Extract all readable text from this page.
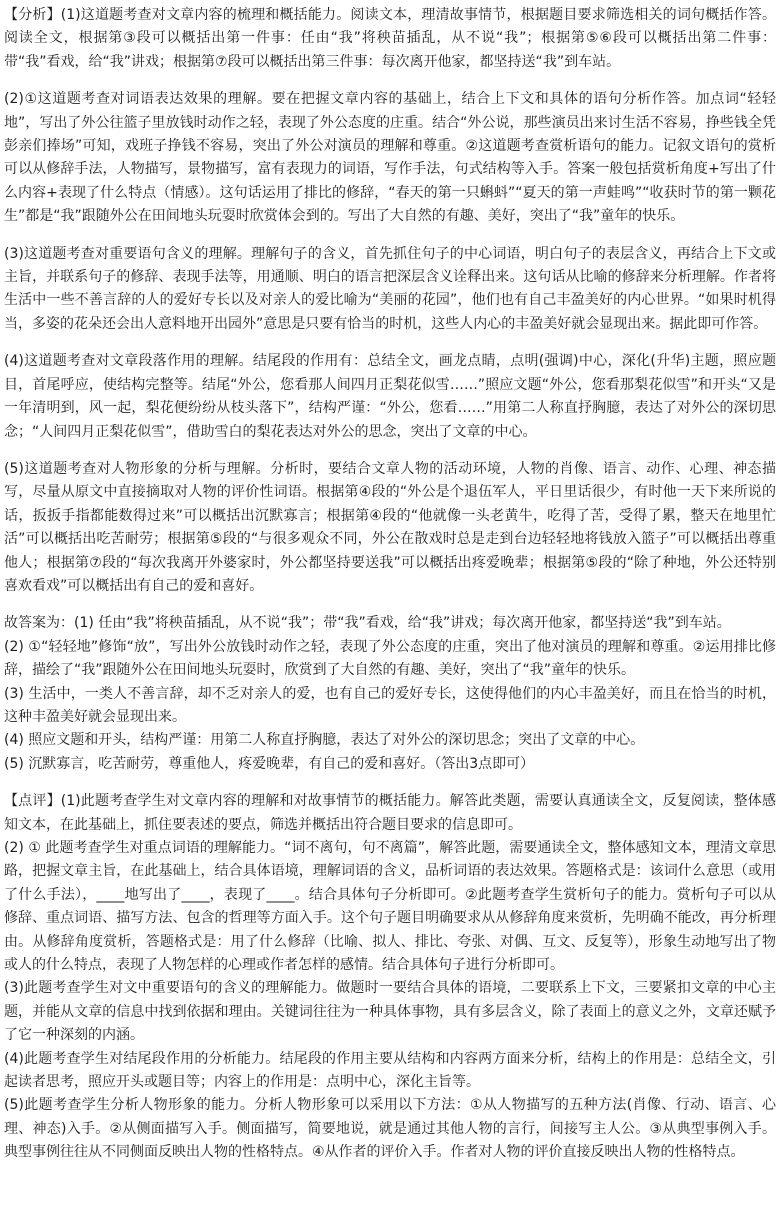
【分析】(1)这道题考查对文章内容的梳理和概括能力。阅读文本，理清故事情节，根据题目要求筛选相关的词句概括作答。阅读全文，根据第③段可以概括出第一件事：任由“我”将秧苗插乱，从不说“我”；根据第⑤⑥段可以概括出第二件事：带“我”看戏，给“我”讲戏；根据第⑦段可以概括出第三件事：每次离开他家，都坚持送“我”到车站。

(2)①这道题考查对词语表达效果的理解。要在把握文章内容的基础上，结合上下文和具体的语句分析作答。加点词“轻轻地”，写出了外公往篮子里放钱时动作之轻，表现了外公态度的庄重。结合“外公说，那些演员出来讨生活不容易，挣些钱全凭彭亲们捧场”可知，戏班子挣钱不容易，突出了外公对演员的理解和尊重。②这道题考查赏析语句的能力。记叙文语句的赏析可以从修辞手法，人物描写，景物描写，富有表现力的词语，写作手法，句式结构等入手。答案一般包括赏析角度+写出了什么内容+表现了什么特点（情感）。这句话运用了排比的修辞，“春天的第一只蝌蚪”“夏天的第一声蛙鸣”“收获时节的第一颗花生”都是“我”跟随外公在田间地头玩耍时欣赏体会到的。写出了大自然的有趣、美好，突出了“我”童年的快乐。

(3)这道题考查对重要语句含义的理解。理解句子的含义，首先抓住句子的中心词语，明白句子的表层含义，再结合上下文或主旨，并联系句子的修辞、表现手法等，用通顺、明白的语言把深层含义诠释出来。这句话从比喻的修辞来分析理解。作者将生活中一些不善言辞的人的爱好专长以及对亲人的爱比喻为“美丽的花园”，他们也有自己丰盈美好的内心世界。“如果时机得当，多姿的花朵还会出人意料地开出园外”意思是只要有恰当的时机，这些人内心的丰盈美好就会显现出来。据此即可作答。

(4)这道题考查对文章段落作用的理解。结尾段的作用有：总结全文，画龙点睛，点明(强调)中心，深化(升华)主题，照应题目，首尾呼应，使结构完整等。结尾“外公，您看那人间四月正梨花似雪……”照应文题“外公，您看那梨花似雪”和开头“又是一年清明到，风一起，梨花便纷纷从枝头落下”，结构严谨：“外公，您看……”用第二人称直抒胸臆，表达了对外公的深切思念；“人间四月正梨花似雪”，借助雪白的梨花表达对外公的思念，突出了文章的中心。

(5)这道题考查对人物形象的分析与理解。分析时，要结合文章人物的活动环境，人物的肖像、语言、动作、心理、神态描写，尽量从原文中直接摘取对人物的评价性词语。根据第④段的“外公是个退伍军人，平日里话很少，有时他一天下来所说的话，扳扳手指都能数得过来”可以概括出沉默寡言；根据第④段的“他就像一头老黄牛，吃得了苦，受得了累，整天在地里忙活”可以概括出吃苦耐劳；根据第⑤段的“与很多观众不同，外公在散戏时总是走到台边轻轻地将钱放入篮子”可以概括出尊重他人；根据第⑦段的“每次我离开外婆家时，外公都坚持要送我”可以概括出疼爱晚辈；根据第⑤段的“除了种地，外公还特别喜欢看戏”可以概括出有自己的爱和喜好。

故答案为：(1) 任由“我”将秧苗插乱，从不说“我”；带“我”看戏，给“我”讲戏；每次离开他家，都坚持送“我”到车站。

(2) ①“轻轻地”修饰“放”，写出外公放钱时动作之轻，表现了外公态度的庄重，突出了他对演员的理解和尊重。②运用排比修辞，描绘了“我”跟随外公在田间地头玩耍时，欣赏到了大自然的有趣、美好，突出了“我”童年的快乐。

(3) 生活中，一类人不善言辞，却不乏对亲人的爱，也有自己的爱好专长，这使得他们的内心丰盈美好，而且在恰当的时机，这种丰盈美好就会显现出来。

(4) 照应文题和开头，结构严谨：用第二人称直抒胸臆，表达了对外公的深切思念；突出了文章的中心。

(5) 沉默寡言，吃苦耐劳，尊重他人，疼爱晚辈，有自己的爱和喜好。（答出3点即可）

【点评】(1)此题考查学生对文章内容的理解和对故事情节的概括能力。解答此类题，需要认真通读全文，反复阅读，整体感知文本，在此基础上，抓住要表述的要点，筛选并概括出符合题目要求的信息即可。

(2) ① 此题考查学生对重点词语的理解能力。“词不离句，句不离篇”，解答此题，需要通读全文，整体感知文本，理清文章思路，把握文章主旨，在此基础上，结合具体语境，理解词语的含义，品析词语的表达效果。答题格式是：该词什么意思（或用了什么手法），____地写出了____，表现了____。结合具体句子分析即可。②此题考查学生赏析句子的能力。赏析句子可以从修辞、重点词语、描写方法、包含的哲理等方面入手。这个句子题目明确要求从从修辞角度来赏析，先明确不能改，再分析理由。从修辞角度赏析，答题格式是：用了什么修辞（比喻、拟人、排比、夸张、对偶、互文、反复等），形象生动地写出了物或人的什么特点，表现了人物怎样的心理或作者怎样的感情。结合具体句子进行分析即可。

(3)此题考查学生对文中重要语句的含义的理解能力。做题时一要结合具体的语境，二要联系上下文，三要紧扣文章的中心主题，并能从文章的信息中找到依据和理由。关键词往往为一种具体事物，具有多层含义，除了表面上的意义之外，文章还赋予了它一种深刻的内涵。

(4)此题考查学生对结尾段作用的分析能力。结尾段的作用主要从结构和内容两方面来分析，结构上的作用是：总结全文，引起读者思考，照应开头或题目等；内容上的作用是：点明中心，深化主旨等。

(5)此题考查学生分析人物形象的能力。分析人物形象可以采用以下方法：①从人物描写的五种方法(肖像、行动、语言、心理、神态)入手。②从侧面描写入手。侧面描写，简要地说，就是通过其他人物的言行，间接写主人公。③从典型事例入手。典型事例往往从不同侧面反映出人物的性格特点。④从作者的评价入手。作者对人物的评价直接反映出人物的性格特点。
